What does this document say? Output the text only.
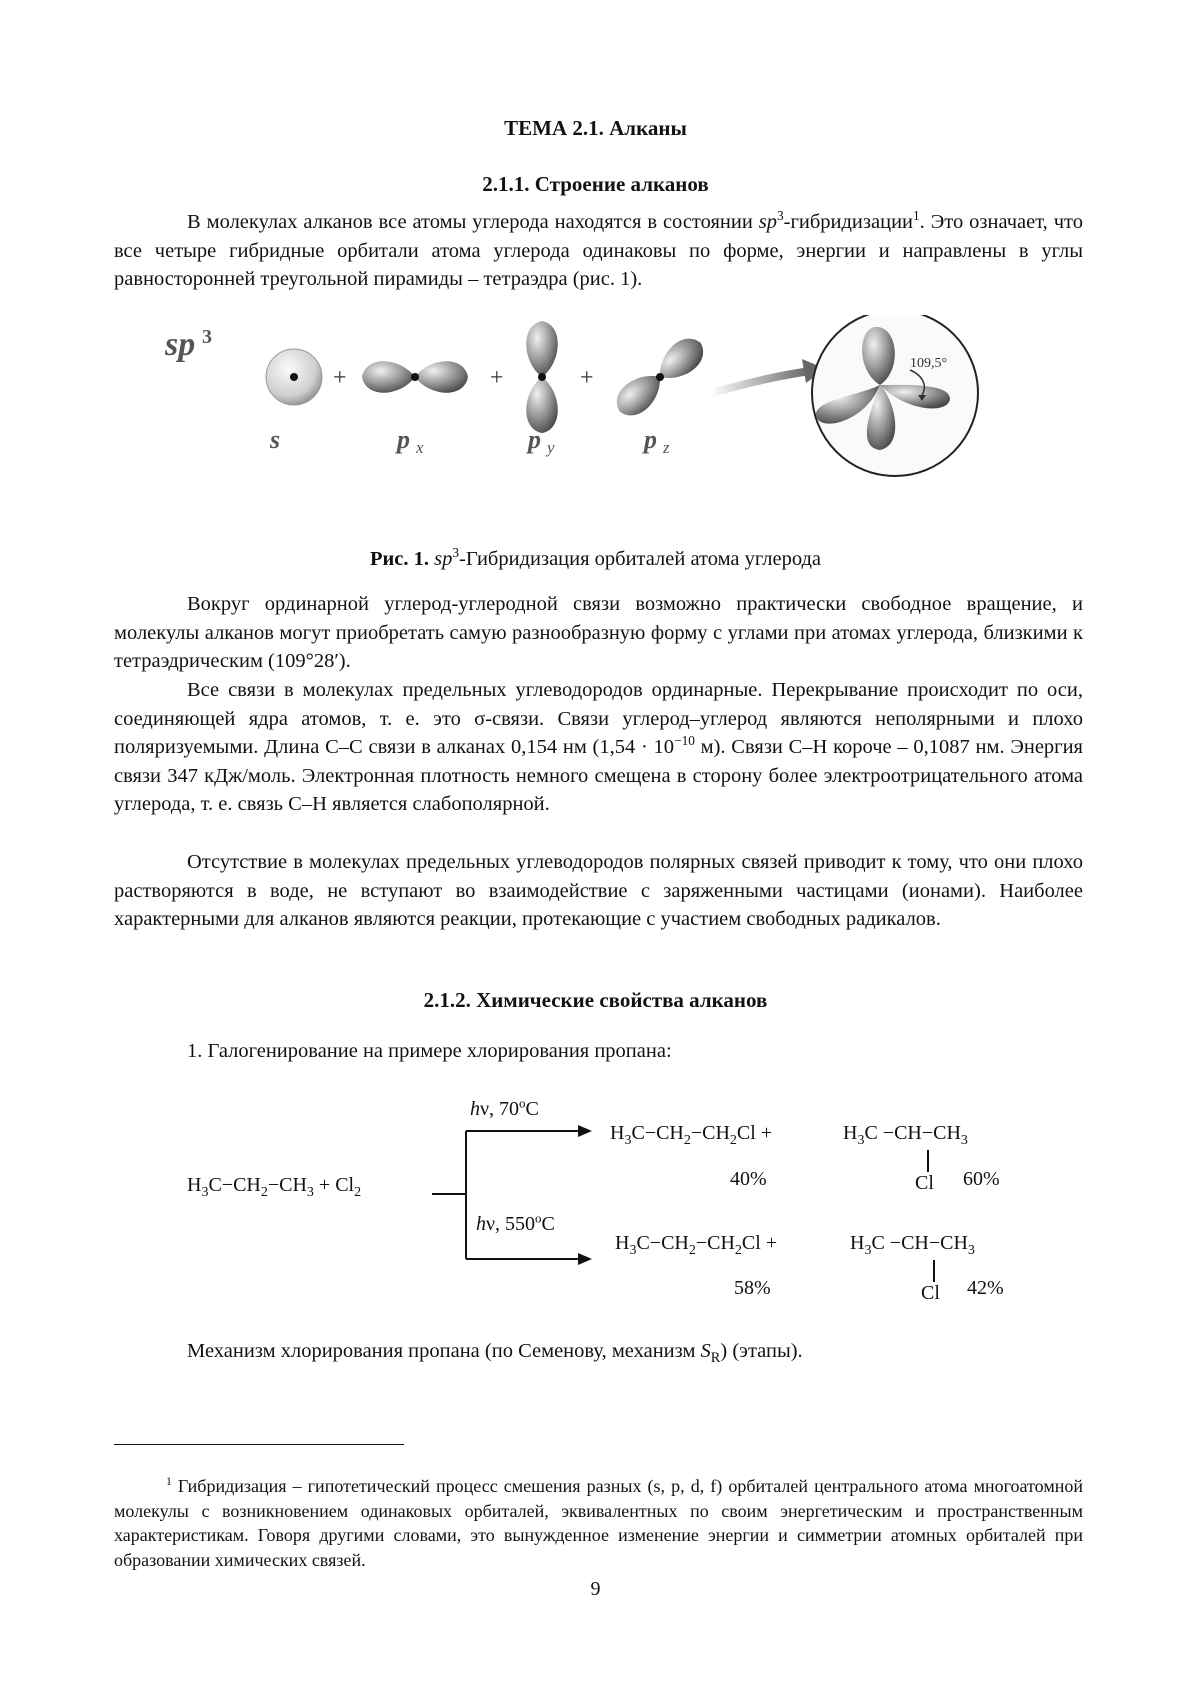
ТЕМА 2.1. Алканы
2.1.1. Строение алканов

В молекулах алканов все атомы углерода находятся в состоянии $sp^3-гибридизации^1$. Это означает, что все четыре гибридные орбитали атома углерода одинаковы по форме, энергии и направлены в углы равносторонней треугольной пирамиды – тетраэдра (рис. 1).

sp 3
+	+	+
109,5°
s	p x	p y	p z
Рис. 1. $sp^3$-Гибридизация орбиталей атома углерода

Вокруг ординарной углерод-углеродной связи возможно практически свободное вращение, и молекулы алканов могут приобретать самую разнообразную форму с углами при атомах углерода, близкими к тетраэдрическим (109°28′).

Все связи в молекулах предельных углеводородов ординарные. Перекрывание происходит по оси, соединяющей ядра атомов, т. е. это σ-связи. Связи углерод–углерод являются неполярными и плохо поляризуемыми. Длина С–С связи в алканах 0,154 нм ($1,54 \cdot 10^{-10}$ м). Связи С–Н короче – 0,1087 нм. Энергия связи 347 кДж/моль. Электронная плотность немного смещена в сторону более электроотрицательного атома углерода, т. е. связь С–Н является слабополярной.

Отсутствие в молекулах предельных углеводородов полярных связей приводит к тому, что они плохо растворяются в воде, не вступают во взаимодействие с заряженными частицами (ионами). Наиболее характерными для алканов являются реакции, протекающие с участием свободных радикалов.

2.1.2. Химические свойства алканов
1. Галогенирование на примере хлорирования пропана:
hν, 70$^o$C
hν, 550$^o$C
$H_3C-CH_2-CH_3 + Cl_2$
$H_3C-CH_2-CH_2Cl$ +	$H_3C -CH-CH_3$
Cl
40%	60%
$H_3C-CH_2-CH_2Cl$ +	$H_3C -CH-CH_3$
Cl
58%	42%
Механизм хлорирования пропана (по Семенову, механизм $S_R$) (этапы).

$^1$ Гибридизация – гипотетический процесс смешения разных (s, p, d, f) орбиталей центрального атома многоатомной молекулы с возникновением одинаковых орбиталей, эквивалентных по своим энергетическим и пространственным характеристикам. Говоря другими словами, это вынужденное изменение энергии и симметрии атомных орбиталей при образовании химических связей.

9
